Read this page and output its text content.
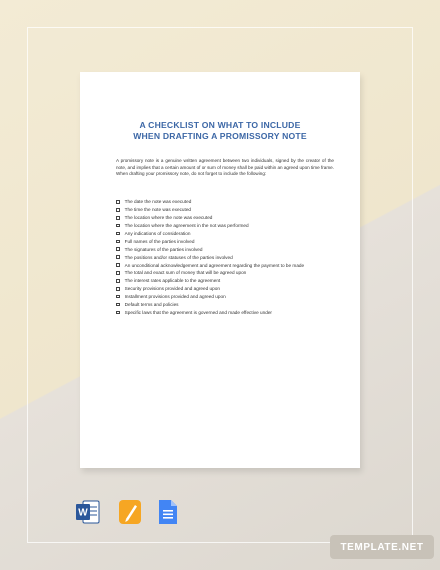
A CHECKLIST ON WHAT TO INCLUDE
WHEN DRAFTING A PROMISSORY NOTE
A promissory note is a genuine written agreement between two individuals, signed by the creator of the note, and implies that a certain amount of or sum of money shall be paid within an agreed upon time frame. When drafting your promissory note, do not forget to include the following:
The date the note was executed
The time the note was executed
The location where the note was executed
The location where the agreement in the not was performed
Any indications of consideration
Full names of the parties involved
The signatures of the parties involved
The positions and/or statuses of the parties involved
An unconditional acknowledgement and agreement regarding the payment to be made
The total and exact sum of money that will be agreed upon
The interest rates applicable to the agreement
Security provisions provided and agreed upon
Installment provisions provided and agreed upon
Default terms and policies
Specific laws that the agreement is governed and made effective under
W
TEMPLATE.NET
